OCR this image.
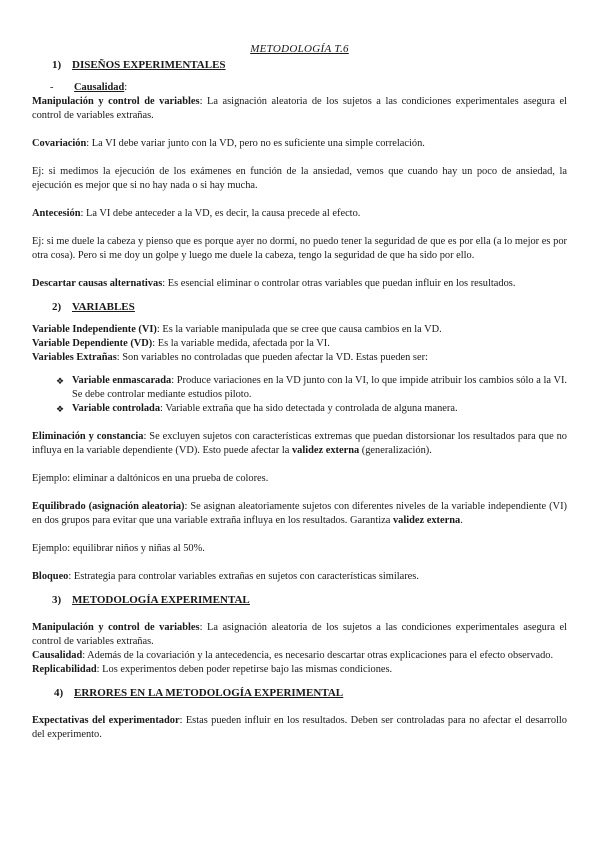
METODOLOGÍA T.6
1) DISEÑOS EXPERIMENTALES

- Causalidad:

Manipulación y control de variables: La asignación aleatoria de los sujetos a las condiciones experimentales asegura el control de variables extrañas.

Covariación: La VI debe variar junto con la VD, pero no es suficiente una simple correlación.

Ej: si medimos la ejecución de los exámenes en función de la ansiedad, vemos que cuando hay un poco de ansiedad, la ejecución es mejor que si no hay nada o si hay mucha.

Antecesión: La VI debe anteceder a la VD, es decir, la causa precede al efecto.

Ej: si me duele la cabeza y pienso que es porque ayer no dormí, no puedo tener la seguridad de que es por ella (a lo mejor es por otra cosa). Pero si me doy un golpe y luego me duele la cabeza, tengo la seguridad de que ha sido por ello.

Descartar causas alternativas: Es esencial eliminar o controlar otras variables que puedan influir en los resultados.

2) VARIABLES

Variable Independiente (VI): Es la variable manipulada que se cree que causa cambios en la VD.

Variable Dependiente (VD): Es la variable medida, afectada por la VI.

Variables Extrañas: Son variables no controladas que pueden afectar la VD. Estas pueden ser:

❖ Variable enmascarada: Produce variaciones en la VD junto con la VI, lo que impide atribuir los cambios sólo a la VI. Se debe controlar mediante estudios piloto.
❖ Variable controlada: Variable extraña que ha sido detectada y controlada de alguna manera.

Eliminación y constancia: Se excluyen sujetos con características extremas que puedan distorsionar los resultados para que no influya en la variable dependiente (VD). Esto puede afectar la validez externa (generalización).

Ejemplo: eliminar a daltónicos en una prueba de colores.

Equilibrado (asignación aleatoria): Se asignan aleatoriamente sujetos con diferentes niveles de la variable independiente (VI) en dos grupos para evitar que una variable extraña influya en los resultados. Garantiza validez externa.

Ejemplo: equilibrar niños y niñas al 50%.

Bloqueo: Estrategia para controlar variables extrañas en sujetos con características similares.

3) METODOLOGÍA EXPERIMENTAL

Manipulación y control de variables: La asignación aleatoria de los sujetos a las condiciones experimentales asegura el control de variables extrañas.

Causalidad: Además de la covariación y la antecedencia, es necesario descartar otras explicaciones para el efecto observado.

Replicabilidad: Los experimentos deben poder repetirse bajo las mismas condiciones.

4) ERRORES EN LA METODOLOGÍA EXPERIMENTAL

Expectativas del experimentador: Estas pueden influir en los resultados. Deben ser controladas para no afectar el desarrollo del experimento.
